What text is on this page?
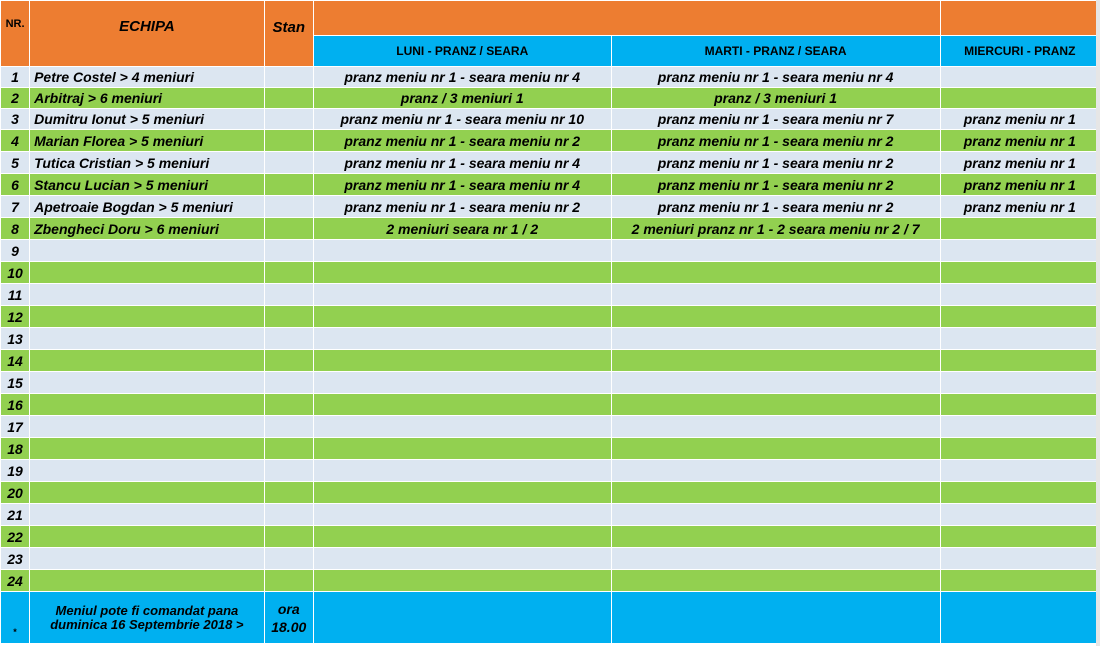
NR.	ECHIPA	Stan			
			LUNI - PRANZ / SEARA	MARTI - PRANZ / SEARA	MIERCURI - PRANZ
1	Petre Costel > 4 meniuri		pranz meniu nr 1 - seara meniu nr 4	pranz meniu nr 1 - seara meniu nr 4	
2	Arbitraj > 6 meniuri		pranz / 3 meniuri 1	pranz / 3 meniuri 1	
3	Dumitru Ionut > 5 meniuri		pranz meniu nr 1 - seara meniu nr 10	pranz meniu nr 1 - seara meniu nr 7	pranz meniu nr 1
4	Marian Florea > 5 meniuri		pranz meniu nr 1 - seara meniu nr 2	pranz meniu nr 1 - seara meniu nr 2	pranz meniu nr 1
5	Tutica Cristian > 5 meniuri		pranz meniu nr 1 - seara meniu nr 4	pranz meniu nr 1 - seara meniu nr 2	pranz meniu nr 1
6	Stancu Lucian > 5 meniuri		pranz meniu nr 1 - seara meniu nr 4	pranz meniu nr 1 - seara meniu nr 2	pranz meniu nr 1
7	Apetroaie Bogdan > 5 meniuri		pranz meniu nr 1 - seara meniu nr 2	pranz meniu nr 1 - seara meniu nr 2	pranz meniu nr 1
8	Zbengheci Doru > 6 meniuri		2 meniuri seara nr 1 / 2	2 meniuri pranz nr 1 - 2 seara meniu nr 2 / 7	
9					
10					
11					
12					
13					
14					
15					
16					
17					
18					
19					
20					
21					
22					
23					
24					
*	Meniul pote fi comandat pana duminica 16 Septembrie 2018 >	ora 18.00			
